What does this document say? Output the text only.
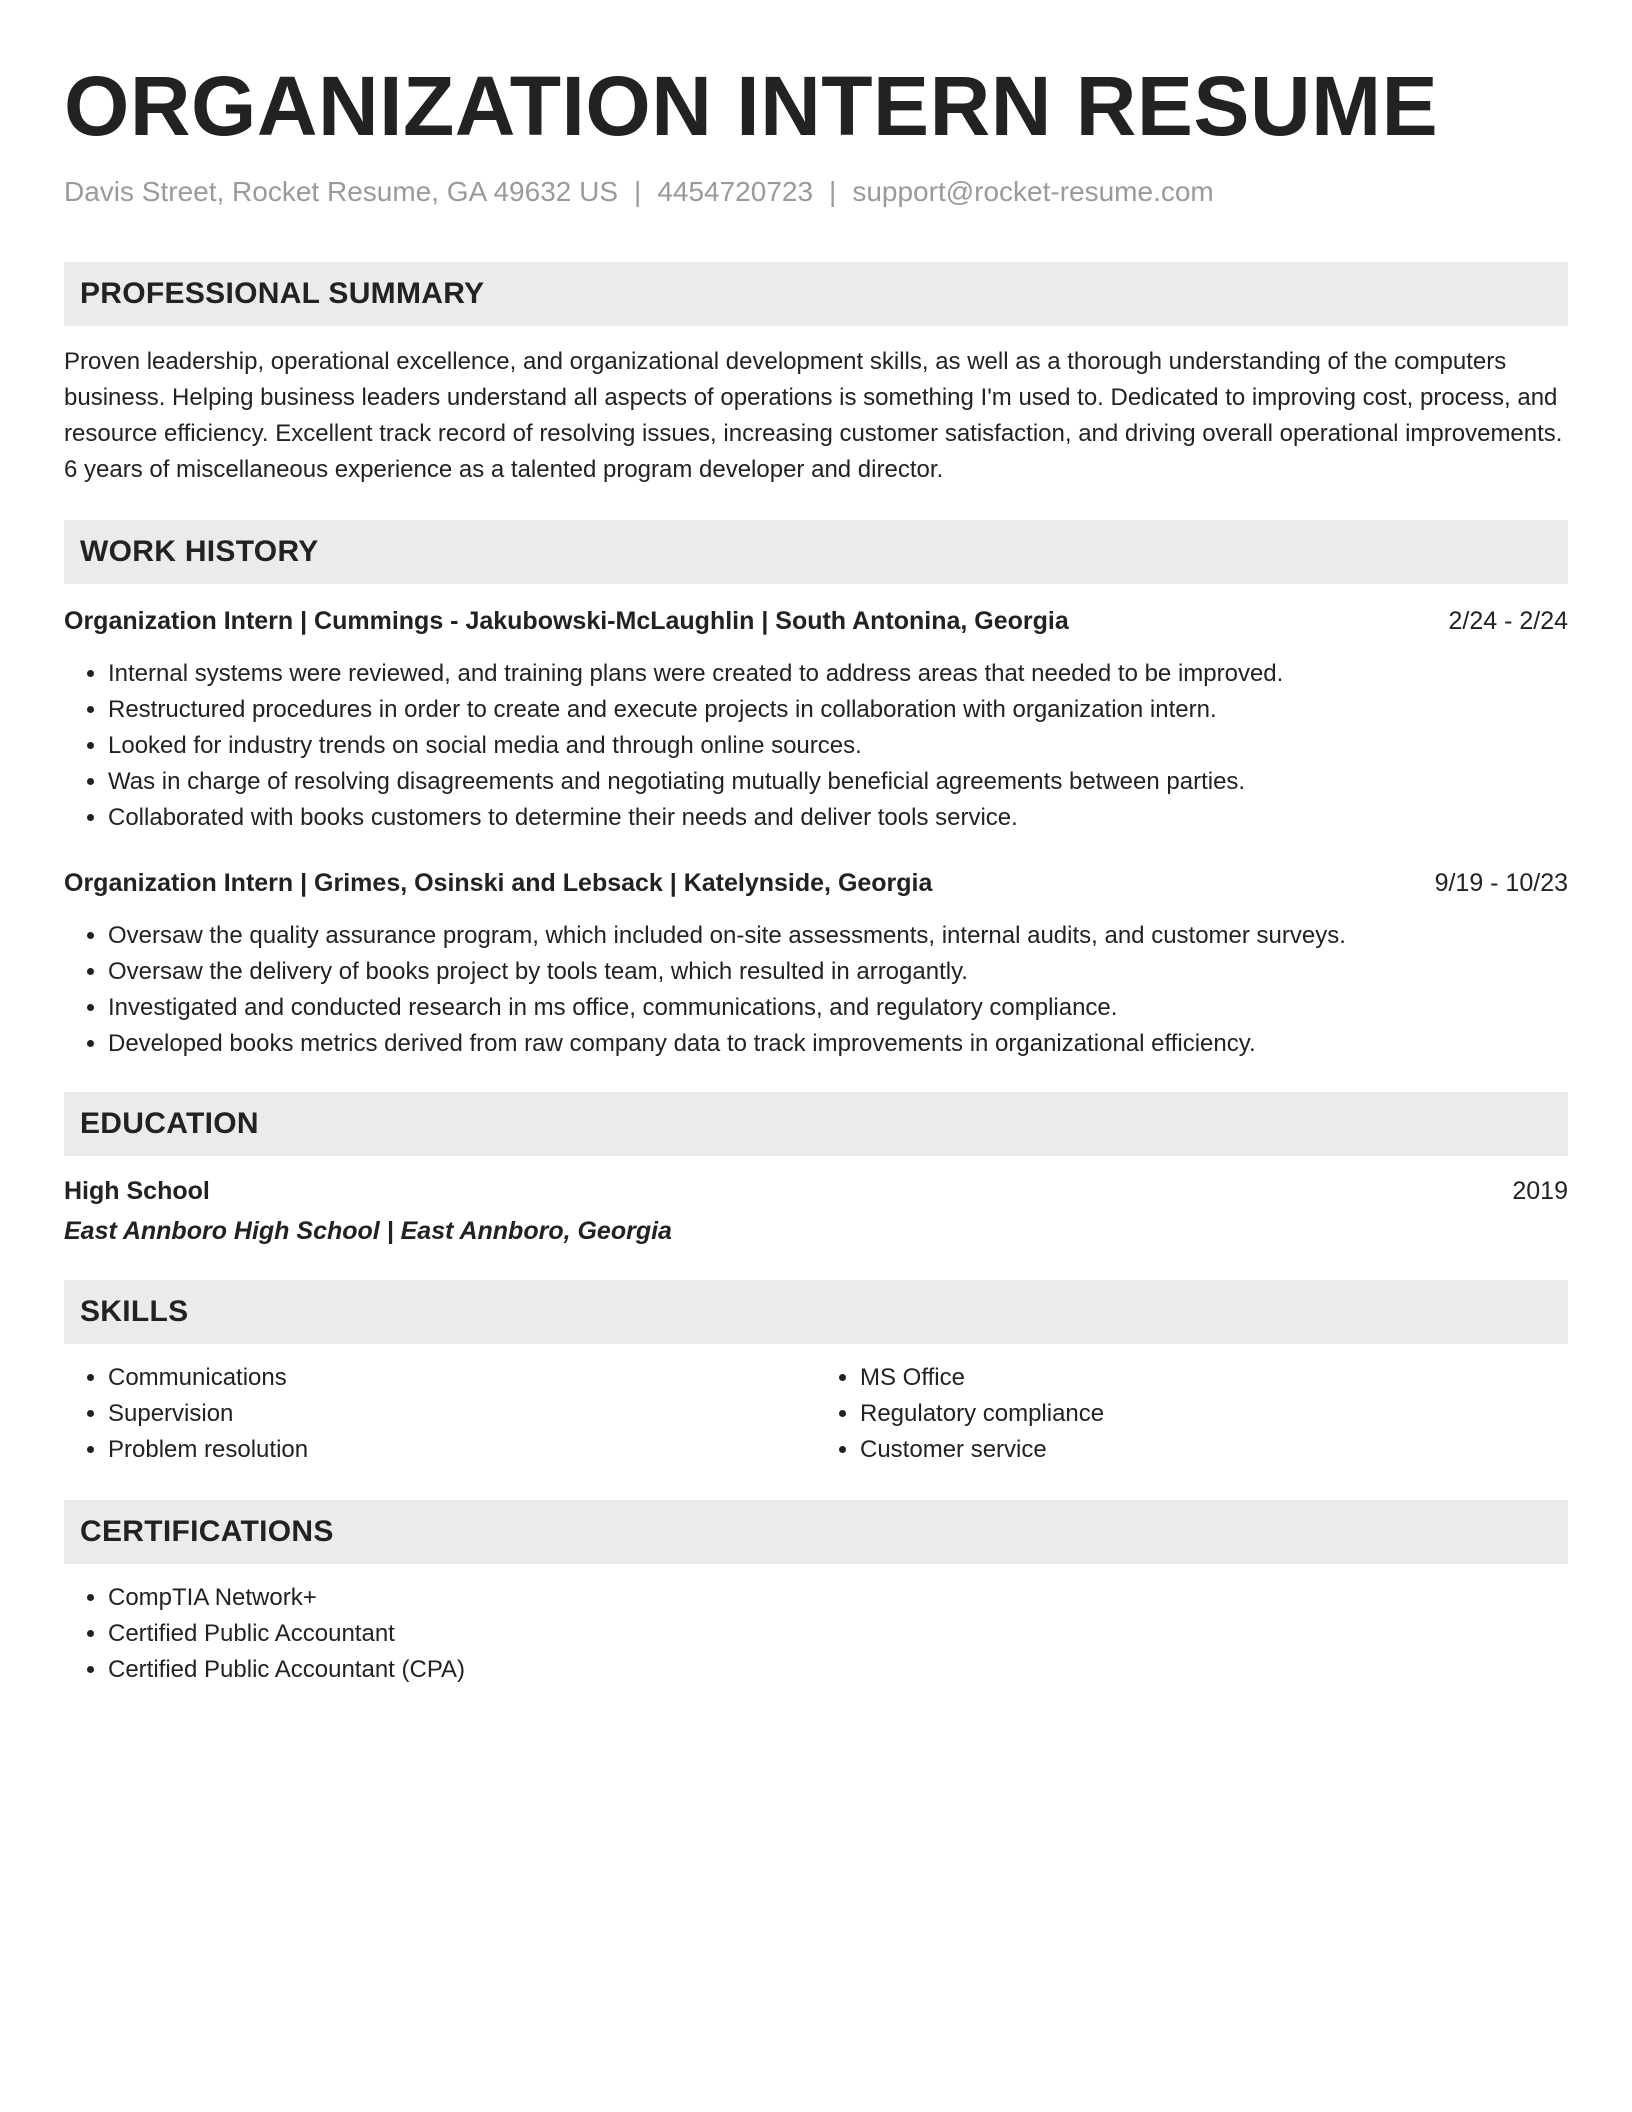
ORGANIZATION INTERN RESUME
Davis Street, Rocket Resume, GA 49632 US | 4454720723 | support@rocket-resume.com
PROFESSIONAL SUMMARY
Proven leadership, operational excellence, and organizational development skills, as well as a thorough understanding of the computers business. Helping business leaders understand all aspects of operations is something I'm used to. Dedicated to improving cost, process, and resource efficiency. Excellent track record of resolving issues, increasing customer satisfaction, and driving overall operational improvements. 6 years of miscellaneous experience as a talented program developer and director.
WORK HISTORY
Organization Intern | Cummings - Jakubowski-McLaughlin | South Antonina, Georgia	2/24 - 2/24
• Internal systems were reviewed, and training plans were created to address areas that needed to be improved.
• Restructured procedures in order to create and execute projects in collaboration with organization intern.
• Looked for industry trends on social media and through online sources.
• Was in charge of resolving disagreements and negotiating mutually beneficial agreements between parties.
• Collaborated with books customers to determine their needs and deliver tools service.
Organization Intern | Grimes, Osinski and Lebsack | Katelynside, Georgia	9/19 - 10/23
• Oversaw the quality assurance program, which included on-site assessments, internal audits, and customer surveys.
• Oversaw the delivery of books project by tools team, which resulted in arrogantly.
• Investigated and conducted research in ms office, communications, and regulatory compliance.
• Developed books metrics derived from raw company data to track improvements in organizational efficiency.
EDUCATION
High School	2019
East Annboro High School | East Annboro, Georgia
SKILLS
• Communications
• Supervision
• Problem resolution
• MS Office
• Regulatory compliance
• Customer service
CERTIFICATIONS
• CompTIA Network+
• Certified Public Accountant
• Certified Public Accountant (CPA)
